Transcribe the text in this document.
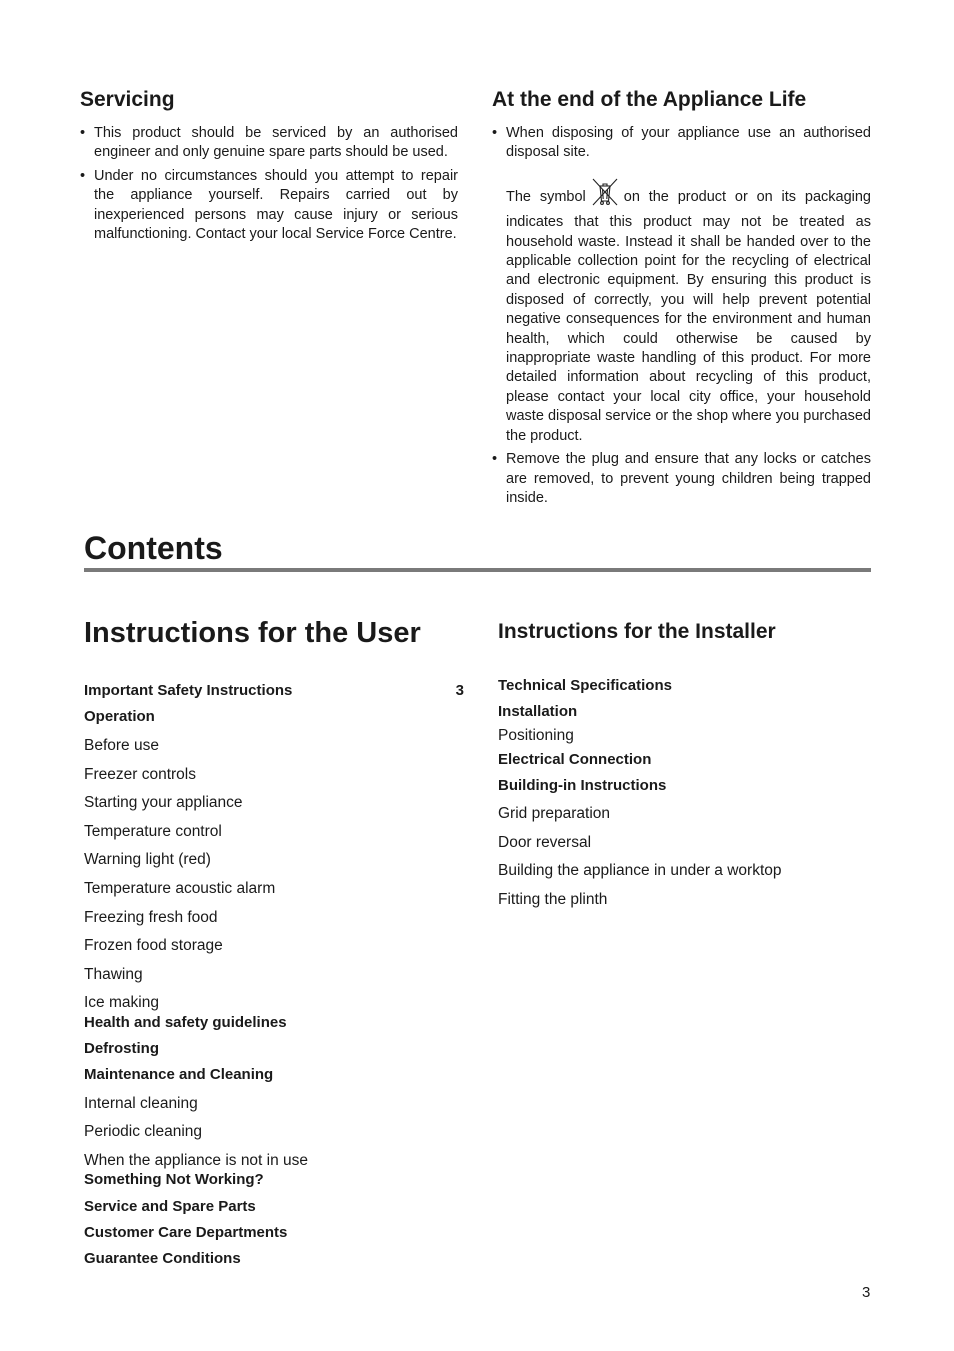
Servicing
• This product should be serviced by an authorised engineer and only genuine spare parts should be used.
• Under no circumstances should you attempt to repair the appliance yourself. Repairs carried out by inexperienced persons may cause injury or serious malfunctioning. Contact your local Service Force Centre.
At the end of the Appliance Life
• When disposing of your appliance use an authorised disposal site.

The symbol	on the product or on its packaging indicates that this product may not be treated as household waste. Instead it shall be handed over to the applicable collection point for the recycling of electrical and electronic equipment. By ensuring this product is disposed of correctly, you will help prevent potential negative consequences for the environment and human health, which could otherwise be caused by inappropriate waste handling of this product. For more detailed information about recycling of this product, please contact your local city office, your household waste disposal service or the shop where you purchased the product.

• Remove the plug and ensure that any locks or catches are removed, to prevent young children being trapped inside.
Contents
Instructions for the User
3
Important Safety Instructions
Operation
Before use
Freezer controls
Starting your appliance
Temperature control
Warning light (red)
Temperature acoustic alarm
Freezing fresh food
Frozen food storage
Thawing
Ice making
Health and safety guidelines
Defrosting
Maintenance and Cleaning
Internal cleaning
Periodic cleaning
When the appliance is not in use
Something Not Working?
Service and Spare Parts
Customer Care Departments
Guarantee Conditions
Instructions for the Installer
Technical Specifications
Installation
Positioning
Electrical Connection
Building-in Instructions
Grid preparation
Door reversal
Building the appliance in under a worktop
Fitting the plinth
3
